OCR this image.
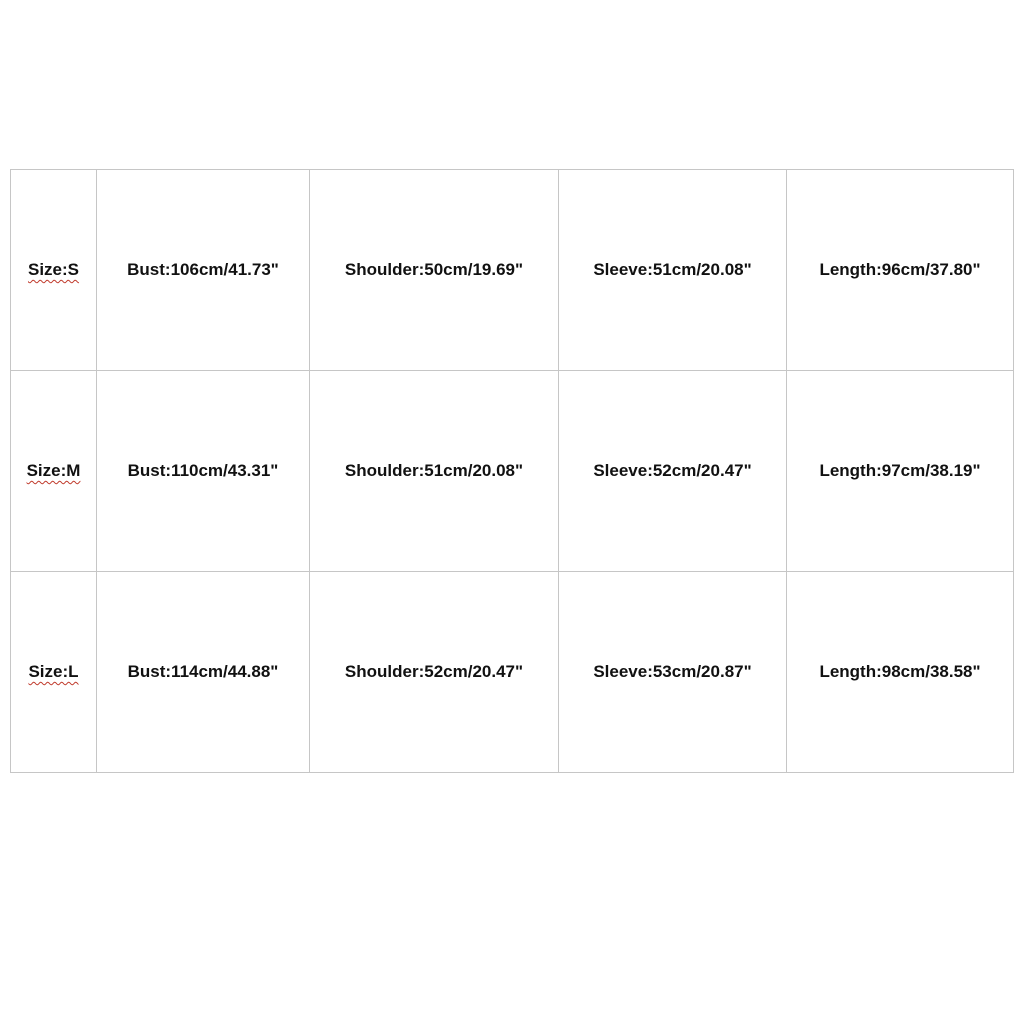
Size:S	Bust:106cm/41.73"	Shoulder:50cm/19.69"	Sleeve:51cm/20.08"	Length:96cm/37.80"
Size:M	Bust:110cm/43.31"	Shoulder:51cm/20.08"	Sleeve:52cm/20.47"	Length:97cm/38.19"
Size:L	Bust:114cm/44.88"	Shoulder:52cm/20.47"	Sleeve:53cm/20.87"	Length:98cm/38.58"
